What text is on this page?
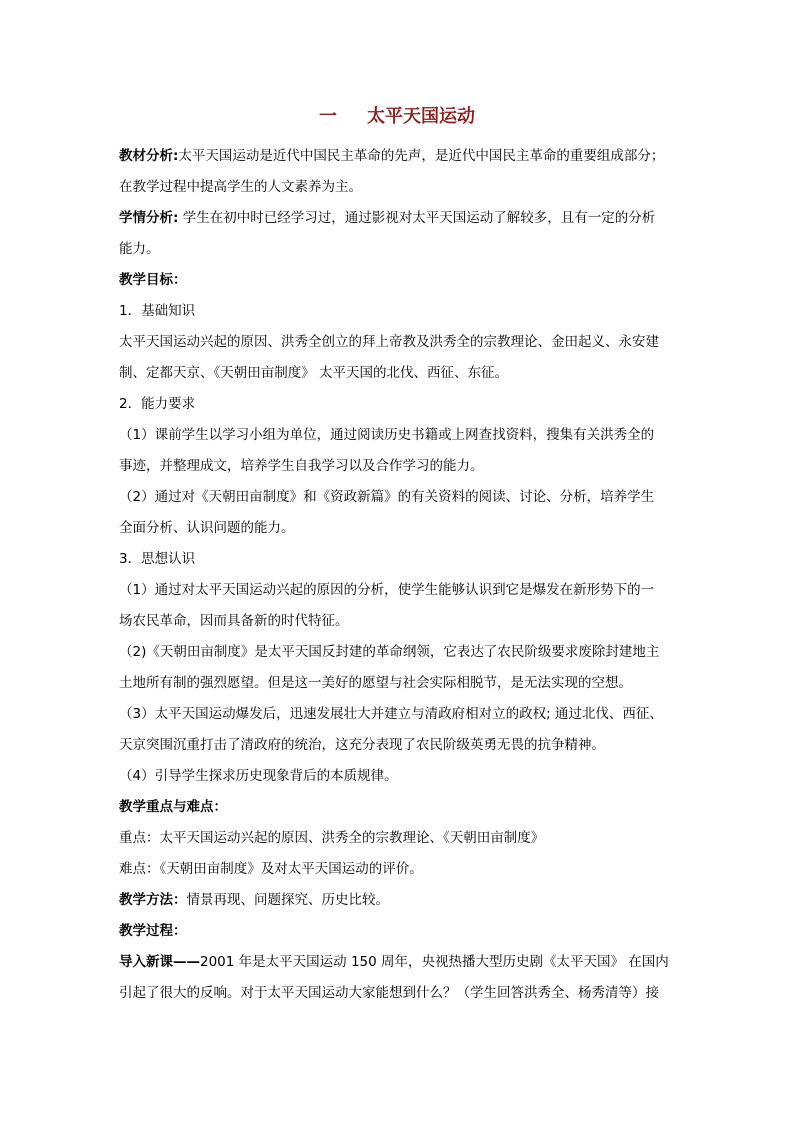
一 太平天国运动
教材分析:太平天国运动是近代中国民主革命的先声，是近代中国民主革命的重要组成部分；
在教学过程中提高学生的人文素养为主。
学情分析: 学生在初中时已经学习过，通过影视对太平天国运动了解较多，且有一定的分析
能力。
教学目标：
1．基础知识
太平天国运动兴起的原因、洪秀全创立的拜上帝教及洪秀全的宗教理论、金田起义、永安建
制、定都天京、《天朝田亩制度》 太平天国的北伐、西征、东征。
2．能力要求
（1）课前学生以学习小组为单位，通过阅读历史书籍或上网查找资料，搜集有关洪秀全的
事迹，并整理成文，培养学生自我学习以及合作学习的能力。
（2）通过对《天朝田亩制度》和《资政新篇》的有关资料的阅读、讨论、分析，培养学生
全面分析、认识问题的能力。
3．思想认识
（1）通过对太平天国运动兴起的原因的分析，使学生能够认识到它是爆发在新形势下的一
场农民革命，因而具备新的时代特征。
（2)《天朝田亩制度》是太平天国反封建的革命纲领，它表达了农民阶级要求废除封建地主
土地所有制的强烈愿望。但是这一美好的愿望与社会实际相脱节，是无法实现的空想。
（3）太平天国运动爆发后，迅速发展壮大并建立与清政府相对立的政权; 通过北伐、西征、
天京突围沉重打击了清政府的统治，这充分表现了农民阶级英勇无畏的抗争精神。
（4）引导学生探求历史现象背后的本质规律。
教学重点与难点：
重点：太平天国运动兴起的原因、洪秀全的宗教理论、《天朝田亩制度》
难点：《天朝田亩制度》及对太平天国运动的评价。
教学方法：情景再现、问题探究、历史比较。
教学过程：
导入新课——2001 年是太平天国运动 150 周年，央视热播大型历史剧《太平天国》 在国内
引起了很大的反响。对于太平天国运动大家能想到什么？（学生回答洪秀全、杨秀清等）接
